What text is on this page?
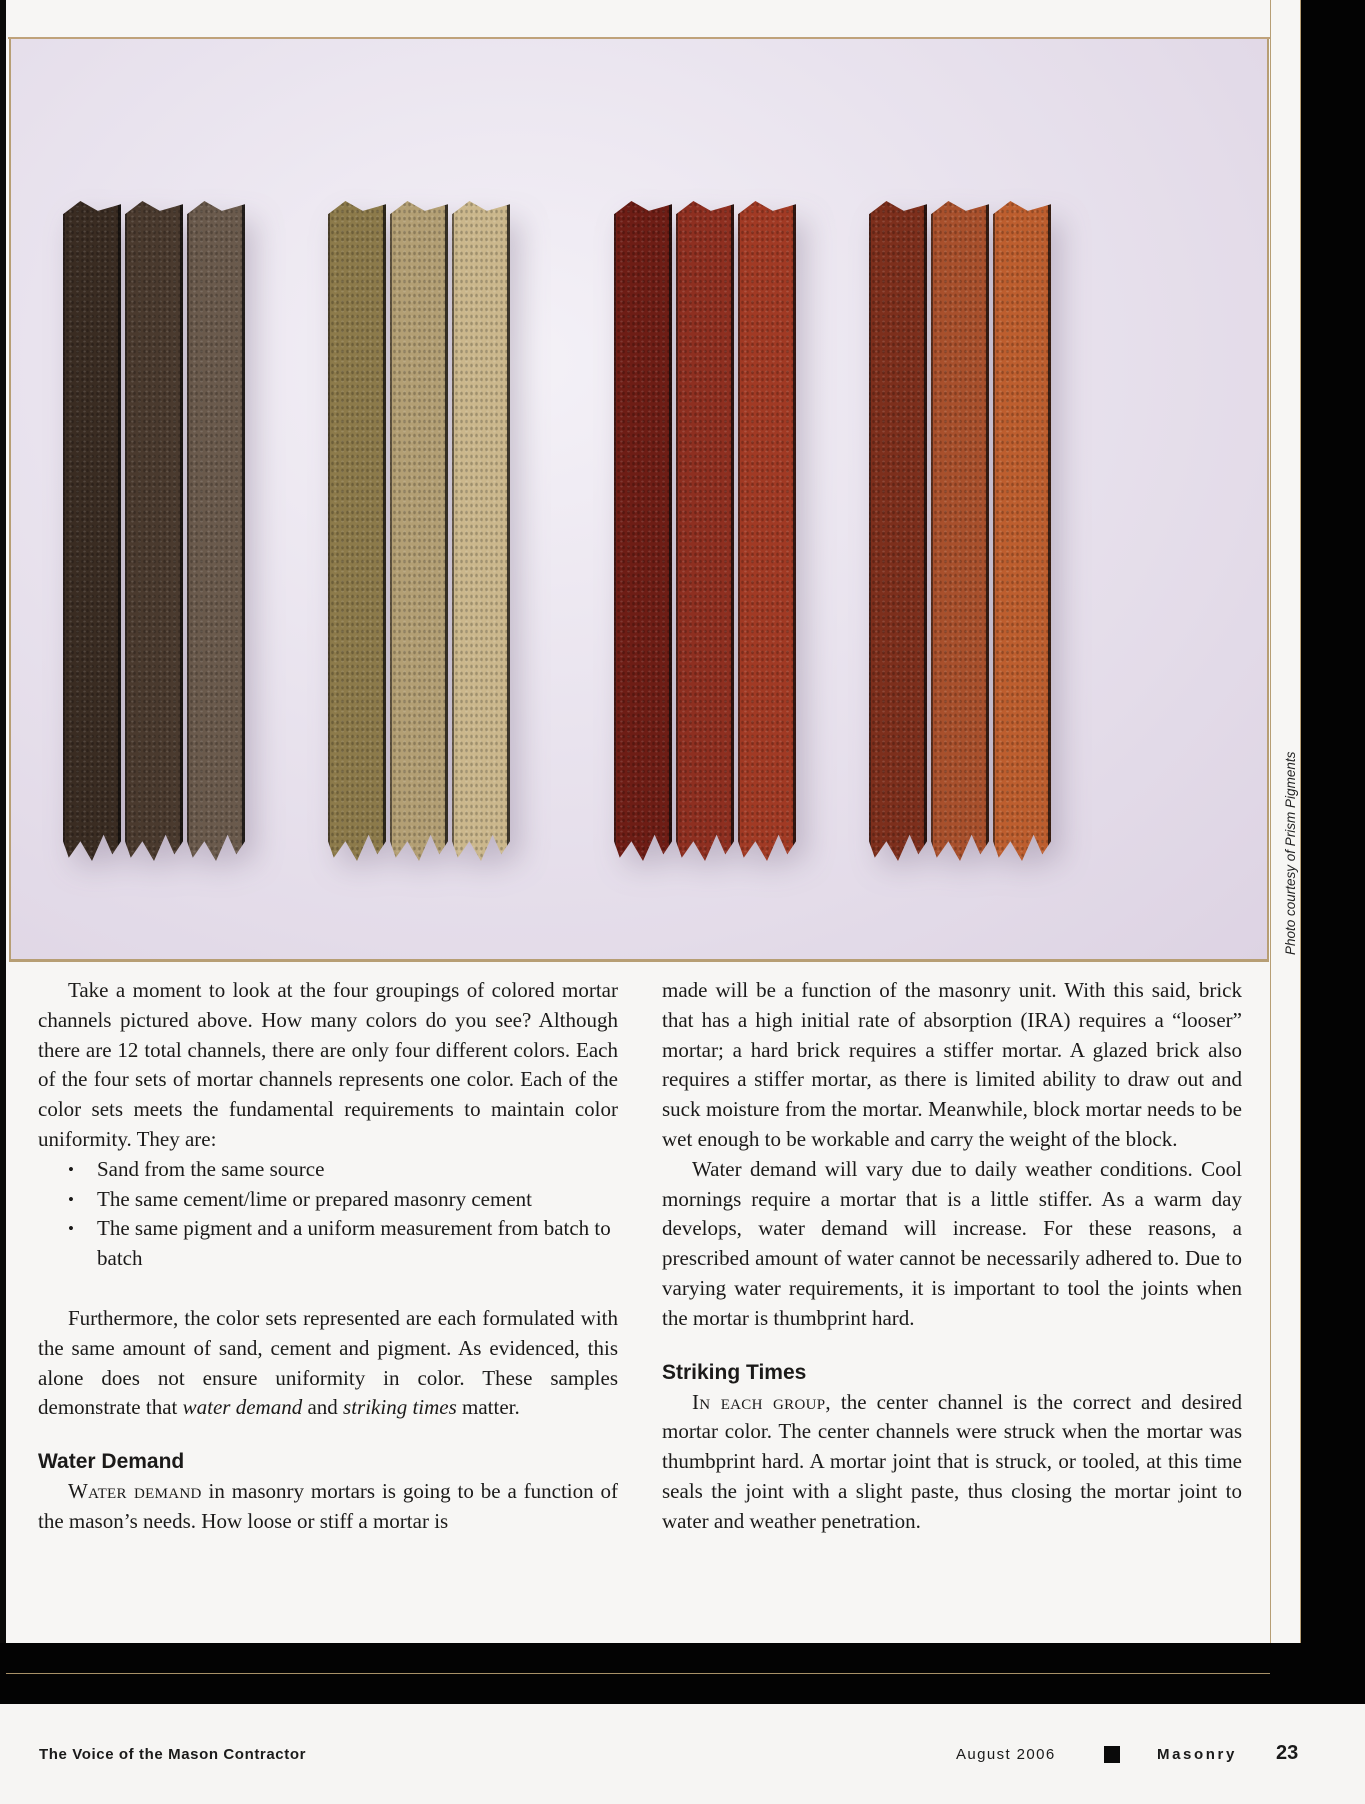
Photo courtesy of Prism Pigments

Take a moment to look at the four groupings of colored mortar channels pictured above. How many colors do you see? Although there are 12 total channels, there are only four different colors. Each of the four sets of mortar channels represents one color. Each of the color sets meets the fundamental requirements to maintain color uniformity. They are:

• Sand from the same source
• The same cement/lime or prepared masonry cement
• The same pigment and a uniform measurement from batch to batch

Furthermore, the color sets represented are each formulated with the same amount of sand, cement and pigment. As evidenced, this alone does not ensure uniformity in color. These samples demonstrate that water demand and striking times matter.

Water Demand

Water demand in masonry mortars is going to be a function of the mason’s needs. How loose or stiff a mortar is

made will be a function of the masonry unit. With this said, brick that has a high initial rate of absorption (IRA) requires a “looser” mortar; a hard brick requires a stiffer mortar. A glazed brick also requires a stiffer mortar, as there is limited ability to draw out and suck moisture from the mortar. Meanwhile, block mortar needs to be wet enough to be workable and carry the weight of the block.

Water demand will vary due to daily weather conditions. Cool mornings require a mortar that is a little stiffer. As a warm day develops, water demand will increase. For these reasons, a prescribed amount of water cannot be necessarily adhered to. Due to varying water requirements, it is important to tool the joints when the mortar is thumbprint hard.

Striking Times

In each group, the center channel is the correct and desired mortar color. The center channels were struck when the mortar was thumbprint hard. A mortar joint that is struck, or tooled, at this time seals the joint with a slight paste, thus closing the mortar joint to water and weather penetration.

The Voice of the Mason Contractor	August 2006	Masonry 23
